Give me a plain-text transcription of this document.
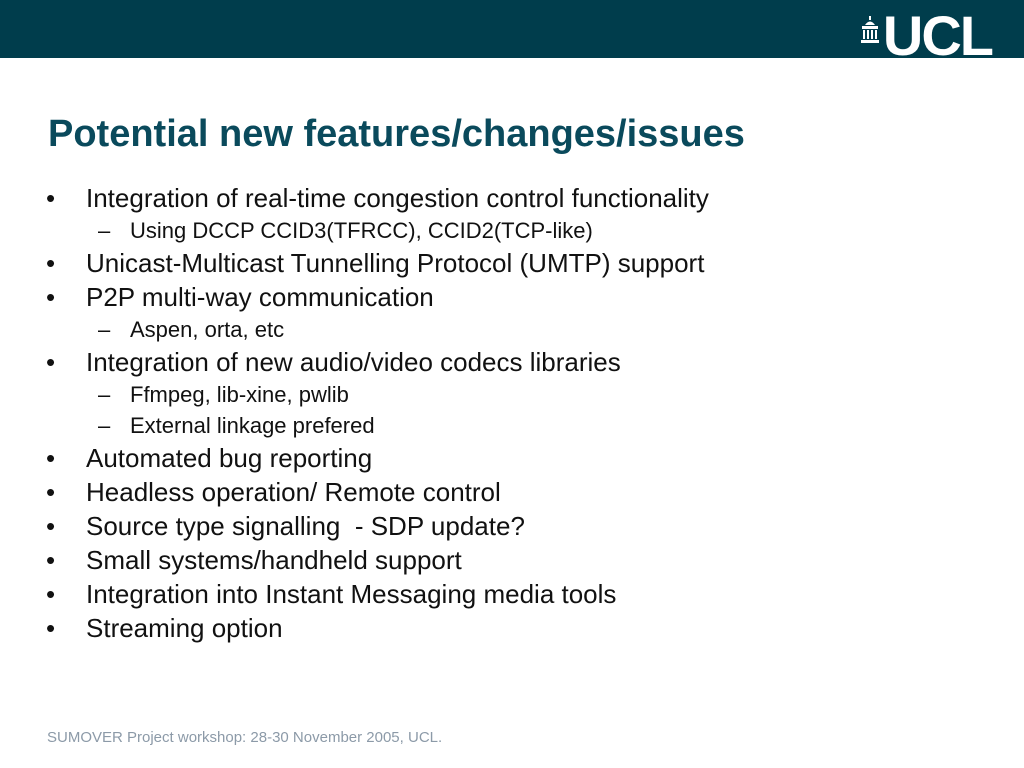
UCL
Potential new features/changes/issues
•	Integration of real-time congestion control functionality
– Using DCCP CCID3(TFRCC), CCID2(TCP-like)
•	Unicast-Multicast Tunnelling Protocol (UMTP) support
•	P2P multi-way communication
– Aspen, orta, etc
•	Integration of new audio/video codecs libraries
– Ffmpeg, lib-xine, pwlib
– External linkage prefered
•	Automated bug reporting
•	Headless operation/ Remote control
•	Source type signalling  - SDP update?
•	Small systems/handheld support
•	Integration into Instant Messaging media tools
•	Streaming option
SUMOVER Project workshop: 28-30 November 2005, UCL.
